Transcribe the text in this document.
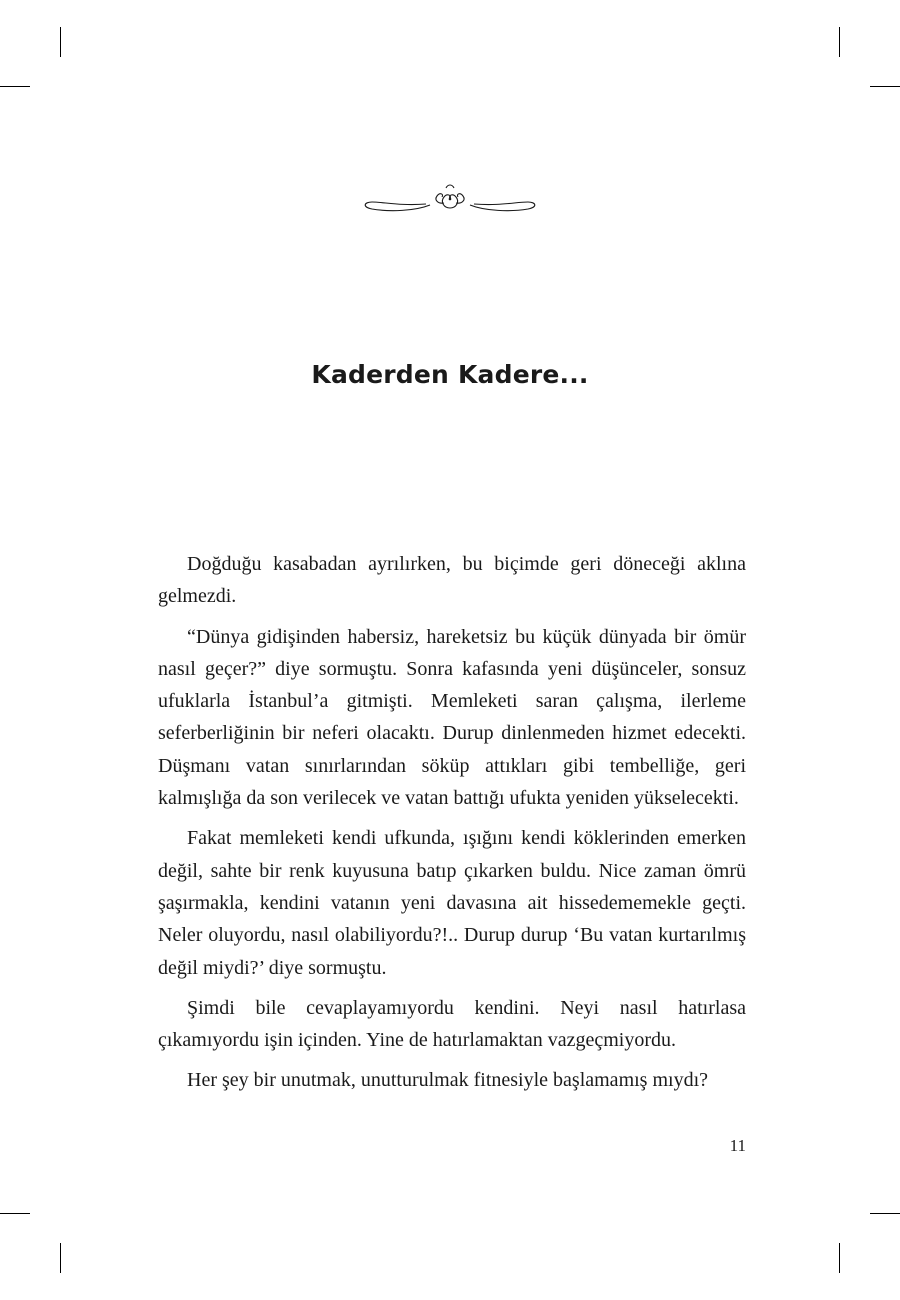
Kaderden Kadere...

Doğduğu kasabadan ayrılırken, bu biçimde geri döneceği aklına gelmezdi.

“Dünya gidişinden habersiz, hareketsiz bu küçük dünyada bir ömür nasıl geçer?” diye sormuştu. Sonra kafasında yeni düşünceler, sonsuz ufuklarla İstanbul’a gitmişti. Memleketi saran çalışma, ilerleme seferberliğinin bir neferi olacaktı. Durup dinlenmeden hizmet edecekti. Düşmanı vatan sınırlarından söküp attıkları gibi tembelliğe, geri kalmışlığa da son verilecek ve vatan battığı ufukta yeniden yükselecekti.

Fakat memleketi kendi ufkunda, ışığını kendi köklerinden emerken değil, sahte bir renk kuyusuna batıp çıkarken buldu. Nice zaman ömrü şaşırmakla, kendini vatanın yeni davasına ait hissedememekle geçti. Neler oluyordu, nasıl olabiliyordu?!.. Durup durup ‘Bu vatan kurtarılmış değil miydi?’ diye sormuştu.

Şimdi bile cevaplayamıyordu kendini. Neyi nasıl hatırlasa çıkamıyordu işin içinden. Yine de hatırlamaktan vazgeçmiyordu.

Her şey bir unutmak, unutturulmak fitnesiyle başlamamış mıydı?

11
